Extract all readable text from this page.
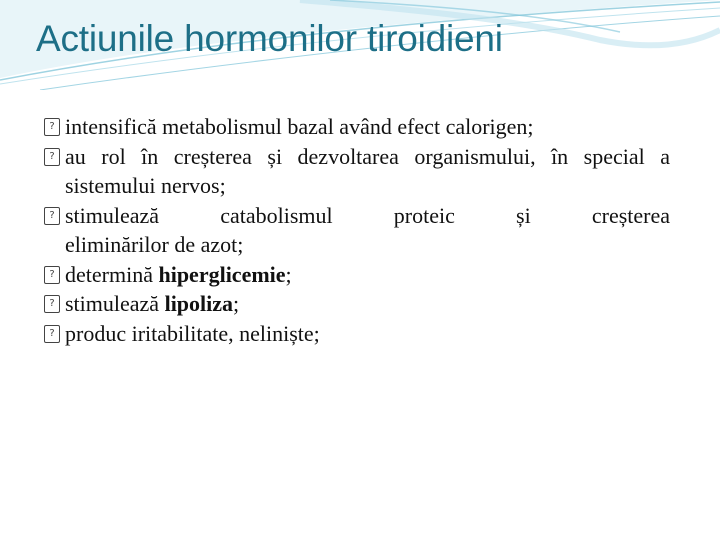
Actiunile hormonilor tiroidieni
? intensifică metabolismul bazal având efect calorigen;
? au rol în creșterea și dezvoltarea organismului, în special a sistemului nervos;
? stimulează catabolismul proteic și creșterea
eliminărilor de azot;
? determină hiperglicemie;
? stimulează lipoliza;
? produc iritabilitate, neliniște;
